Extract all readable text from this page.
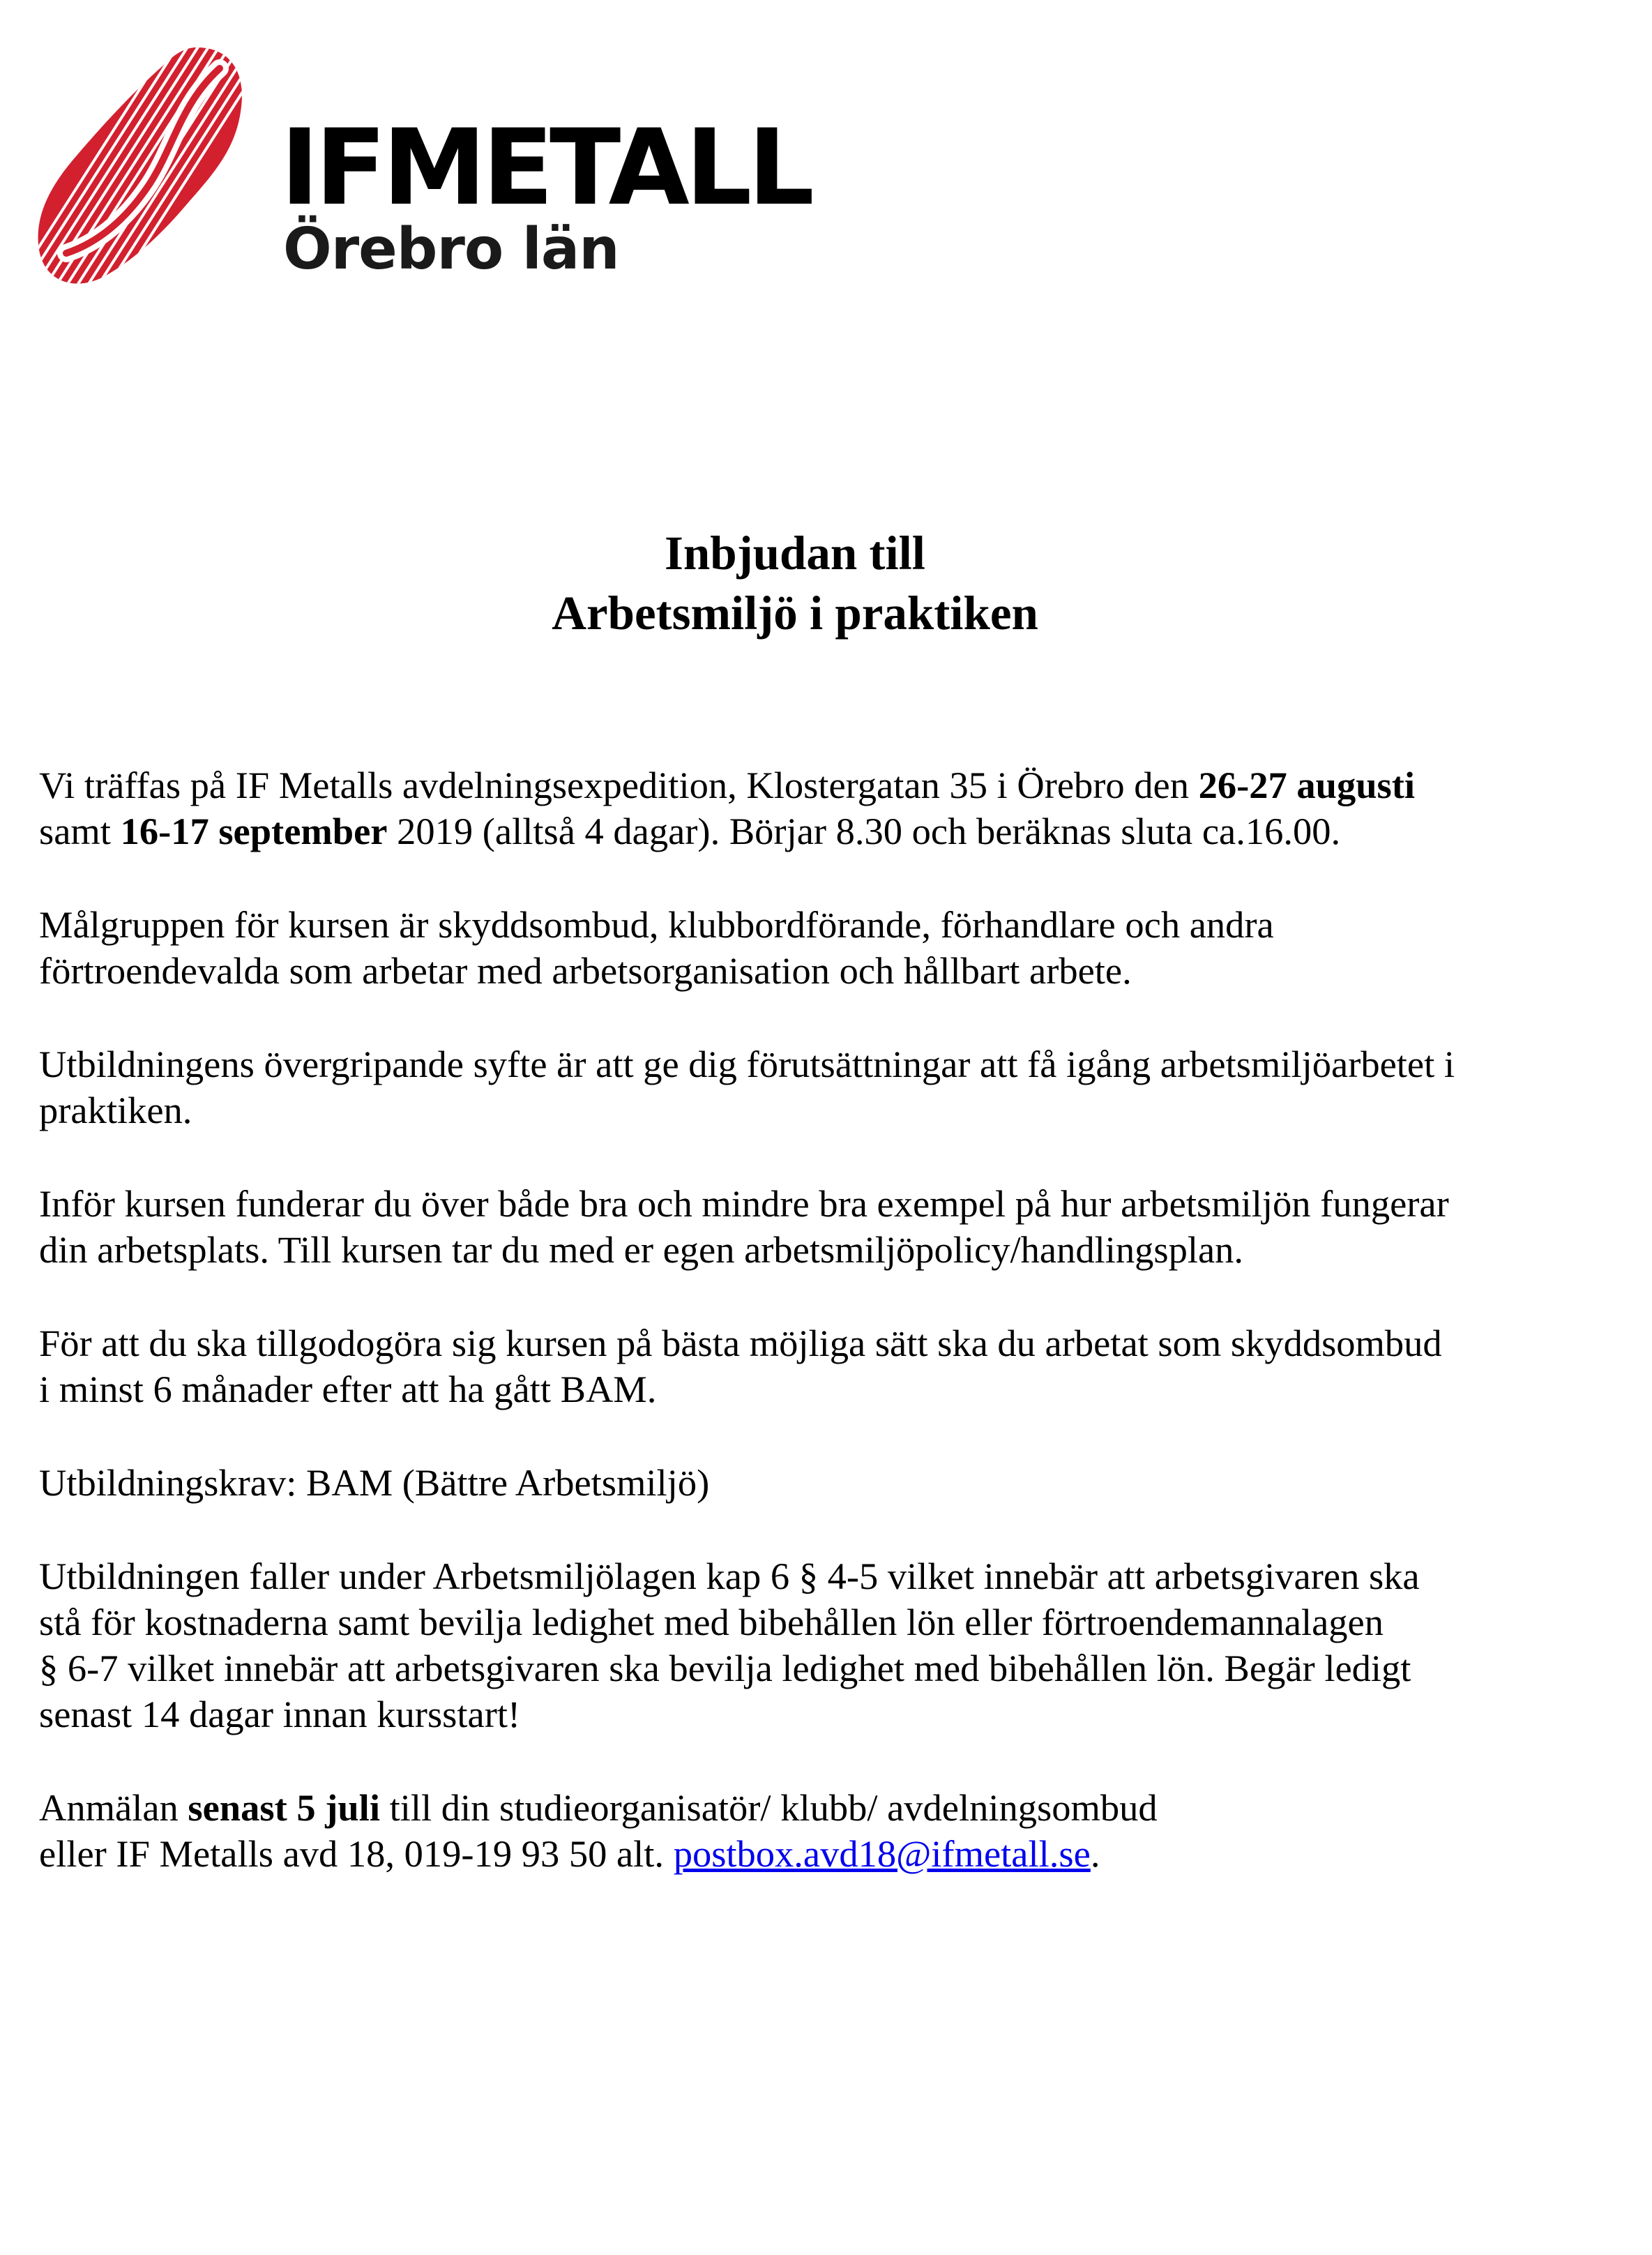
IFMETALL
Örebro län
Inbjudan till
Arbetsmiljö i praktiken
Vi träffas på IF Metalls avdelningsexpedition, Klostergatan 35 i Örebro den 26-27 augusti
samt 16-17 september 2019 (alltså 4 dagar). Börjar 8.30 och beräknas sluta ca.16.00.
Målgruppen för kursen är skyddsombud, klubbordförande, förhandlare och andra
förtroendevalda som arbetar med arbetsorganisation och hållbart arbete.
Utbildningens övergripande syfte är att ge dig förutsättningar att få igång arbetsmiljöarbetet i
praktiken.
Inför kursen funderar du över både bra och mindre bra exempel på hur arbetsmiljön fungerar
din arbetsplats. Till kursen tar du med er egen arbetsmiljöpolicy/handlingsplan.
För att du ska tillgodogöra sig kursen på bästa möjliga sätt ska du arbetat som skyddsombud
i minst 6 månader efter att ha gått BAM.
Utbildningskrav: BAM (Bättre Arbetsmiljö)
Utbildningen faller under Arbetsmiljölagen kap 6 § 4-5 vilket innebär att arbetsgivaren ska
stå för kostnaderna samt bevilja ledighet med bibehållen lön eller förtroendemannalagen
§ 6-7 vilket innebär att arbetsgivaren ska bevilja ledighet med bibehållen lön. Begär ledigt
senast 14 dagar innan kursstart!
Anmälan senast 5 juli till din studieorganisatör/ klubb/ avdelningsombud
eller IF Metalls avd 18, 019-19 93 50 alt. postbox.avd18@ifmetall.se.
